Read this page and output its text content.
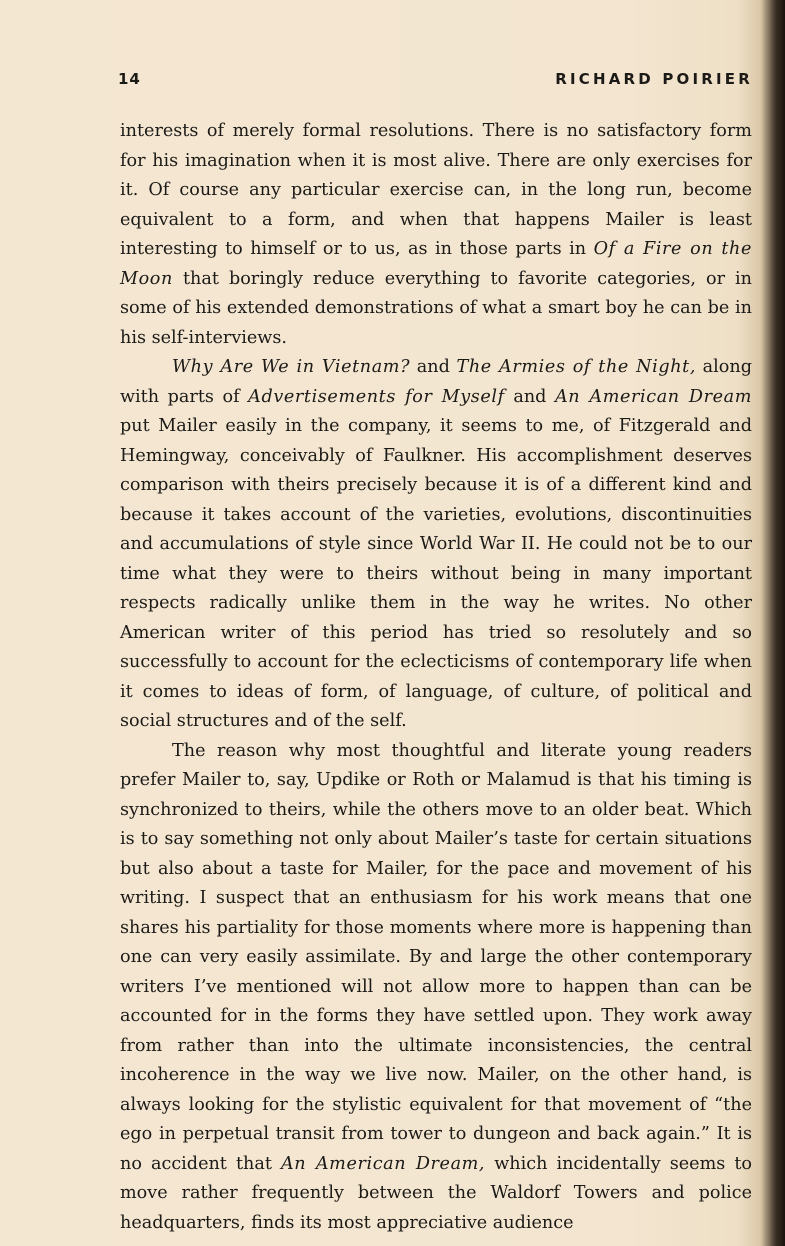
14	RICHARD POIRIER

interests of merely formal resolutions. There is no satisfactory form for his imagination when it is most alive. There are only exercises for it. Of course any particular exercise can, in the long run, become equivalent to a form, and when that happens Mailer is least interesting to himself or to us, as in those parts in Of a Fire on the Moon that boringly reduce everything to favorite categories, or in some of his extended demonstrations of what a smart boy he can be in his self-interviews.

Why Are We in Vietnam? and The Armies of the Night, along with parts of Advertisements for Myself and An American Dream put Mailer easily in the company, it seems to me, of Fitzgerald and Hemingway, conceivably of Faulkner. His accomplishment deserves comparison with theirs precisely because it is of a different kind and because it takes account of the varieties, evolutions, discontinuities and accumulations of style since World War II. He could not be to our time what they were to theirs without being in many important respects radically unlike them in the way he writes. No other American writer of this period has tried so resolutely and so successfully to account for the eclecticisms of contemporary life when it comes to ideas of form, of language, of culture, of political and social structures and of the self.

The reason why most thoughtful and literate young readers prefer Mailer to, say, Updike or Roth or Malamud is that his timing is synchronized to theirs, while the others move to an older beat. Which is to say something not only about Mailer’s taste for certain situations but also about a taste for Mailer, for the pace and movement of his writing. I suspect that an enthusiasm for his work means that one shares his partiality for those moments where more is happening than one can very easily assimilate. By and large the other contemporary writers I’ve mentioned will not allow more to happen than can be accounted for in the forms they have settled upon. They work away from rather than into the ultimate inconsistencies, the central incoherence in the way we live now. Mailer, on the other hand, is always looking for the stylistic equivalent for that movement of “the ego in perpetual transit from tower to dungeon and back again.” It is no accident that An American Dream, which incidentally seems to move rather frequently between the Waldorf Towers and police headquarters, finds its most appreciative audience
